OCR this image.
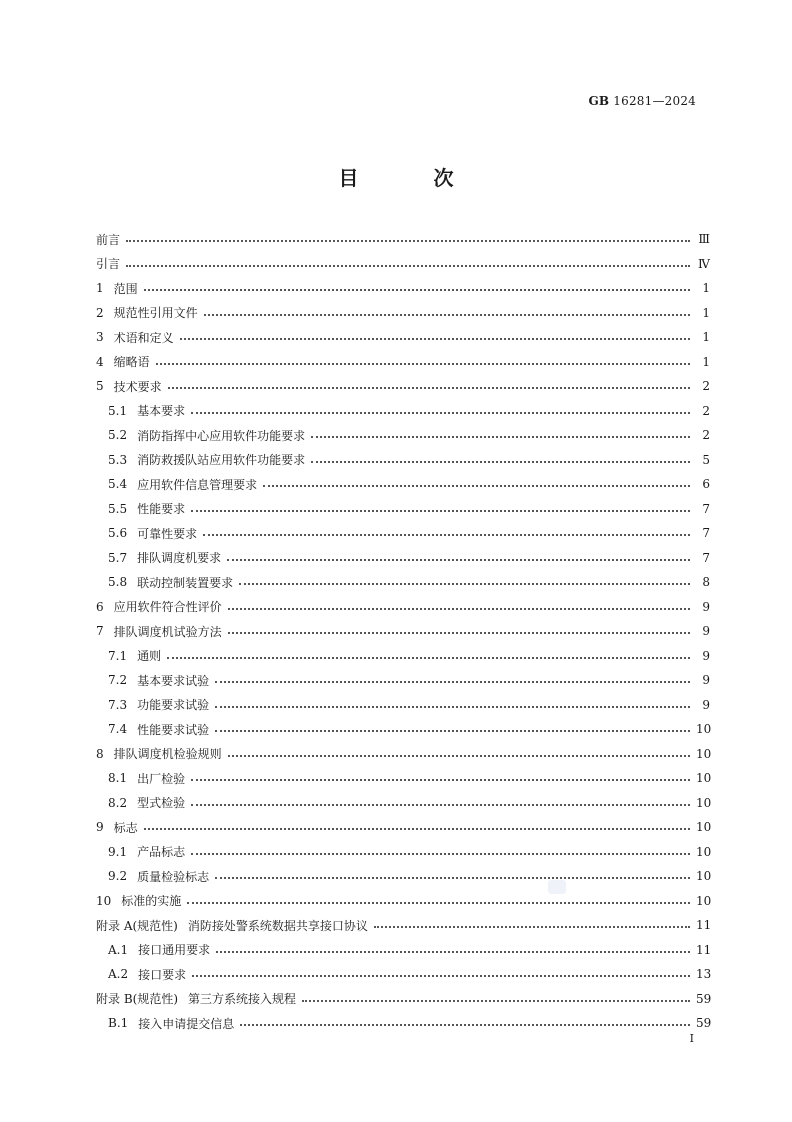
GB 16281—2024
目 次
前言	Ⅲ
引言	Ⅳ
1 范围	1
2 规范性引用文件	1
3 术语和定义	1
4 缩略语	1
5 技术要求	2
5.1 基本要求	2
5.2 消防指挥中心应用软件功能要求	2
5.3 消防救援队站应用软件功能要求	5
5.4 应用软件信息管理要求	6
5.5 性能要求	7
5.6 可靠性要求	7
5.7 排队调度机要求	7
5.8 联动控制装置要求	8
6 应用软件符合性评价	9
7 排队调度机试验方法	9
7.1 通则	9
7.2 基本要求试验	9
7.3 功能要求试验	9
7.4 性能要求试验	10
8 排队调度机检验规则	10
8.1 出厂检验	10
8.2 型式检验	10
9 标志	10
9.1 产品标志	10
9.2 质量检验标志	10
10 标准的实施	10
附录 A(规范性) 消防接处警系统数据共享接口协议	11
A.1 接口通用要求	11
A.2 接口要求	13
附录 B(规范性) 第三方系统接入规程	59
B.1 接入申请提交信息	59
I
